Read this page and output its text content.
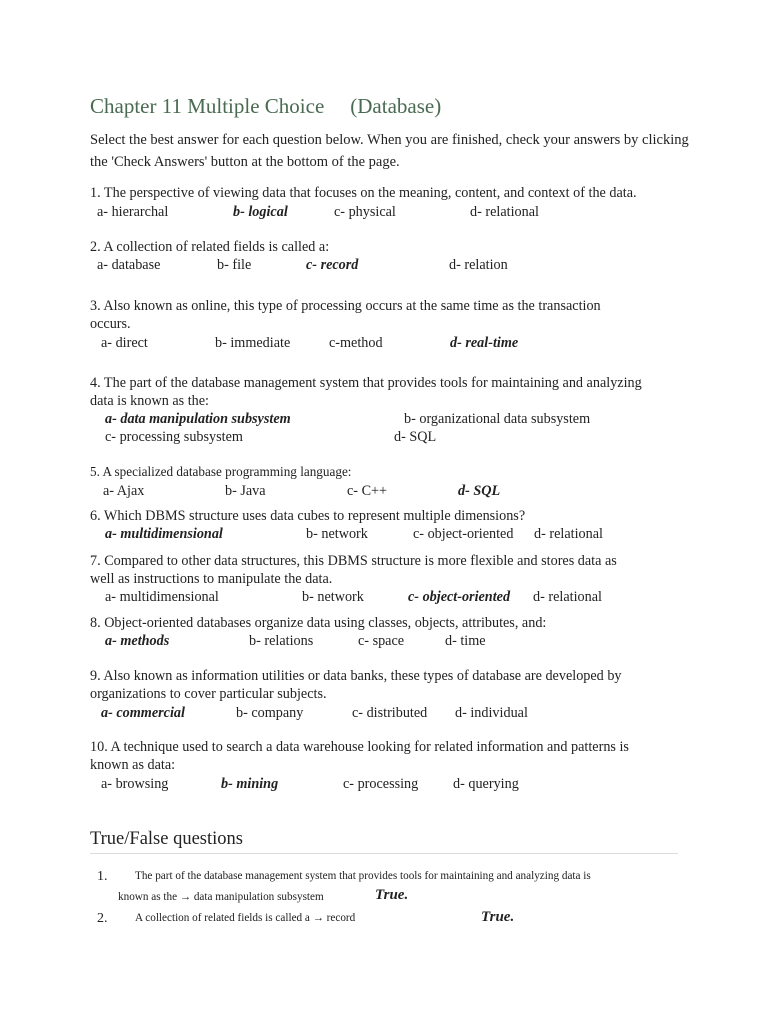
Chapter 11 Multiple Choice (Database)
Select the best answer for each question below. When you are finished, check your answers by clicking the 'Check Answers' button at the bottom of the page.
1. The perspective of viewing data that focuses on the meaning, content, and context of the data.
a- hierarchal	b- logical	c- physical	d- relational
2. A collection of related fields is called a:
a- database	b- file	c- record	d- relation
3. Also known as online, this type of processing occurs at the same time as the transaction
occurs.
a- direct	b- immediate	c-method	d- real-time
4. The part of the database management system that provides tools for maintaining and analyzing
data is known as the:
a- data manipulation subsystem	b- organizational data subsystem
c- processing subsystem	d- SQL
5. A specialized database programming language:
a- Ajax	b- Java	c- C++	d- SQL
6. Which DBMS structure uses data cubes to represent multiple dimensions?
a- multidimensional	b- network	c- object-oriented d- relational
7. Compared to other data structures, this DBMS structure is more flexible and stores data as
well as instructions to manipulate the data.
a- multidimensional	b- network	c- object-oriented d- relational
8. Object-oriented databases organize data using classes, objects, attributes, and:
a- methods	b- relations	c- space	d- time
9. Also known as information utilities or data banks, these types of database are developed by
organizations to cover particular subjects.
a- commercial	b- company	c- distributed d- individual
10. A technique used to search a data warehouse looking for related information and patterns is
known as data:
a- browsing	b- mining	c- processing d- querying
True/False questions
1. The part of the database management system that provides tools for maintaining and analyzing data is
known as the → data manipulation subsystem	True.
2. A collection of related fields is called a → record	True.
